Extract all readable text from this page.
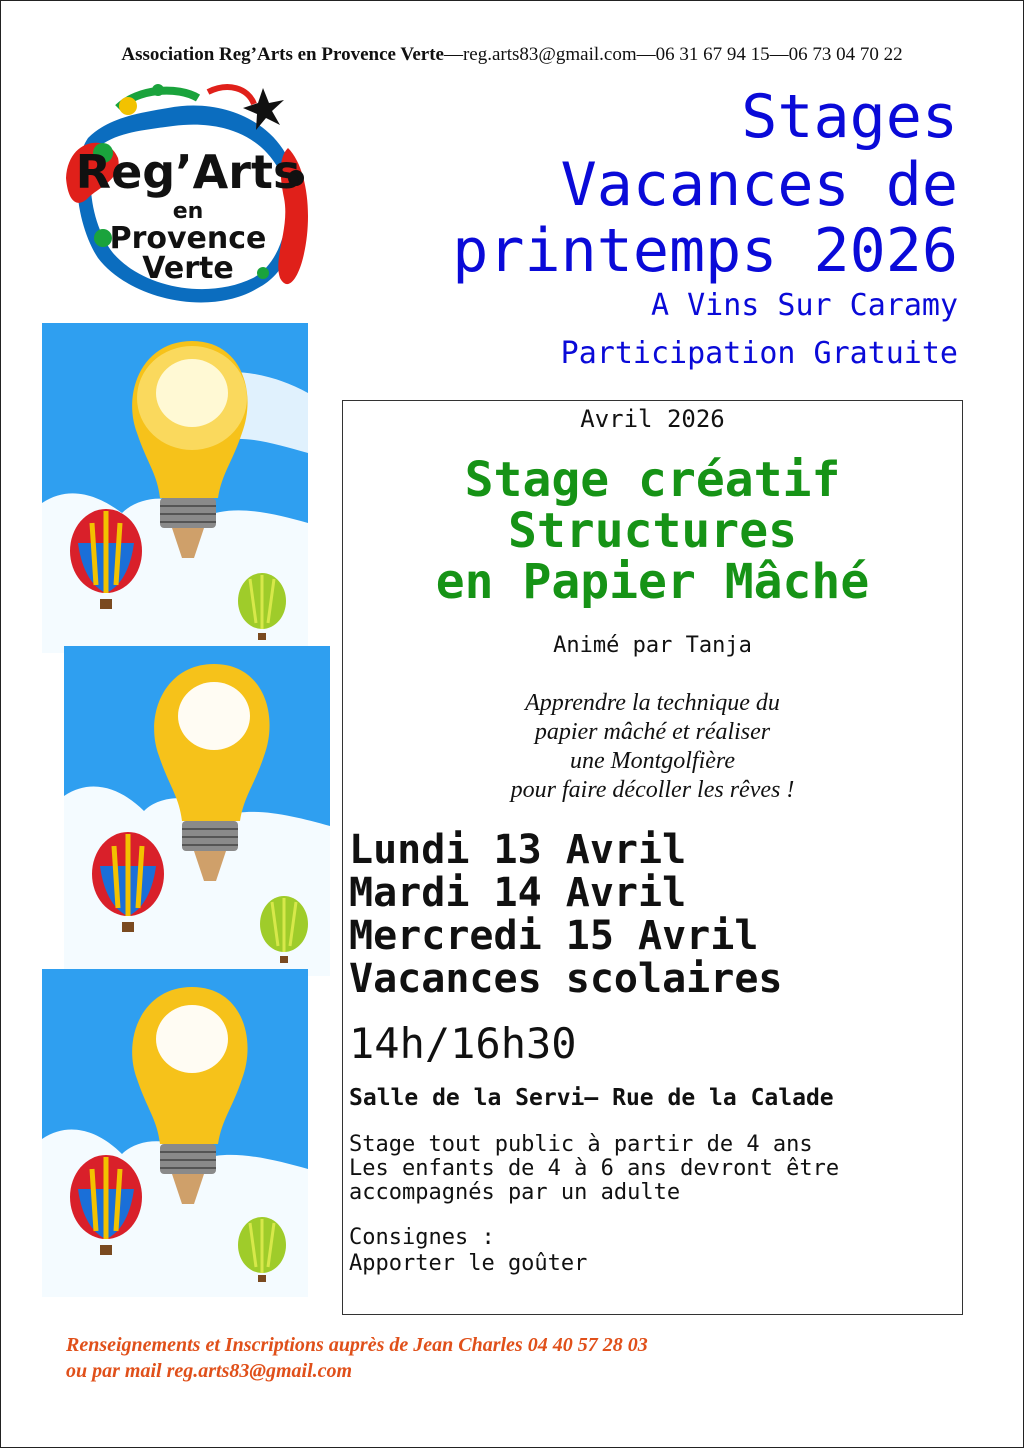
Association Reg’Arts en Provence Verte—reg.arts83@gmail.com—06 31 67 94 15—06 73 04 70 22
Reg’Arts
en
Provence
Verte
Stages
Vacances de
printemps 2026
A Vins Sur Caramy
Participation Gratuite
Avril 2026
Stage créatif
Structures
en Papier Mâché
Animé par Tanja
Apprendre la technique du
papier mâché et réaliser
une Montgolfière
pour faire décoller les rêves !
Lundi 13 Avril
Mardi 14 Avril
Mercredi 15 Avril
Vacances scolaires
14h/16h30
Salle de la Servi– Rue de la Calade
Stage tout public à partir de 4 ans
Les enfants de 4 à 6 ans devront être
accompagnés par un adulte
Consignes :
Apporter le goûter
Renseignements et Inscriptions auprès de Jean Charles 04 40 57 28 03
ou par mail reg.arts83@gmail.com
